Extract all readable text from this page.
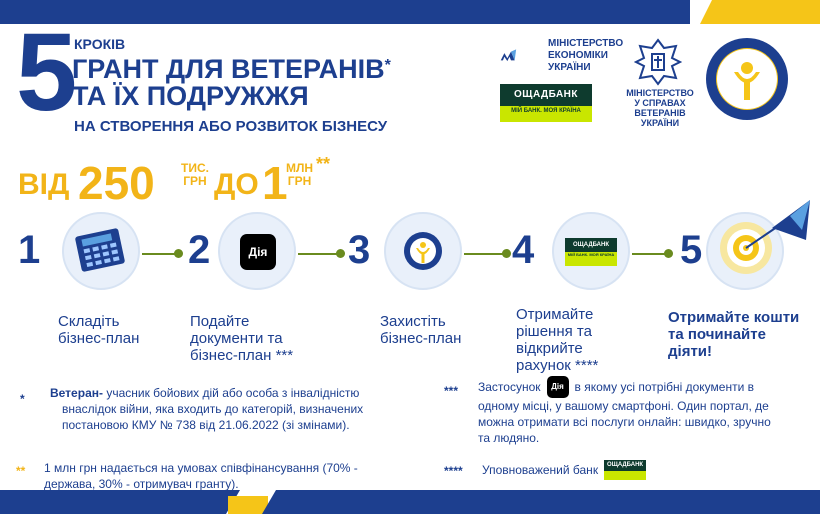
5
КРОКІВ
ГРАНТ ДЛЯ ВЕТЕРАНІВ*
ТА ЇХ ПОДРУЖЖЯ
НА СТВОРЕННЯ АБО РОЗВИТОК БІЗНЕСУ
ВІД 250 ТИС.
ГРН ДО 1
МЛН
ГРН
**
МІНІСТЕРСТВО ЕКОНОМІКИ УКРАЇНИ
ОЩАДБАНК
МІЙ БАНК. МОЯ КРАЇНА
МІНІСТЕРСТВО У СПРАВАХ ВЕТЕРАНІВ УКРАЇНИ
1
Складіть
бізнес-план
2	Дія
Подайте
документи та
бізнес-план ***
3
Захистіть
бізнес-план
4	ОЩАДБАНК
МІЙ БАНК. МОЯ КРАЇНА
Отримайте
рішення та
відкрийте
рахунок ****
5
Отримайте кошти
та починайте
діяти!
* Ветеран- учасник бойових дій або особа з інвалідністю
внаслідок війни, яка входить до категорій, визначених
постановою КМУ № 738 від 21.06.2022 (зі змінами).
** 1 млн грн надається на умовах співфінансування (70% -
держава, 30% - отримувач гранту).
*** Застосунок	Дія в якому усі потрібні документи в
одному місці, у вашому смартфоні. Один портал, де
можна отримати всі послуги онлайн: швидко, зручно
та людяно.
**** Уповноважений банк	ОЩАДБАНК
